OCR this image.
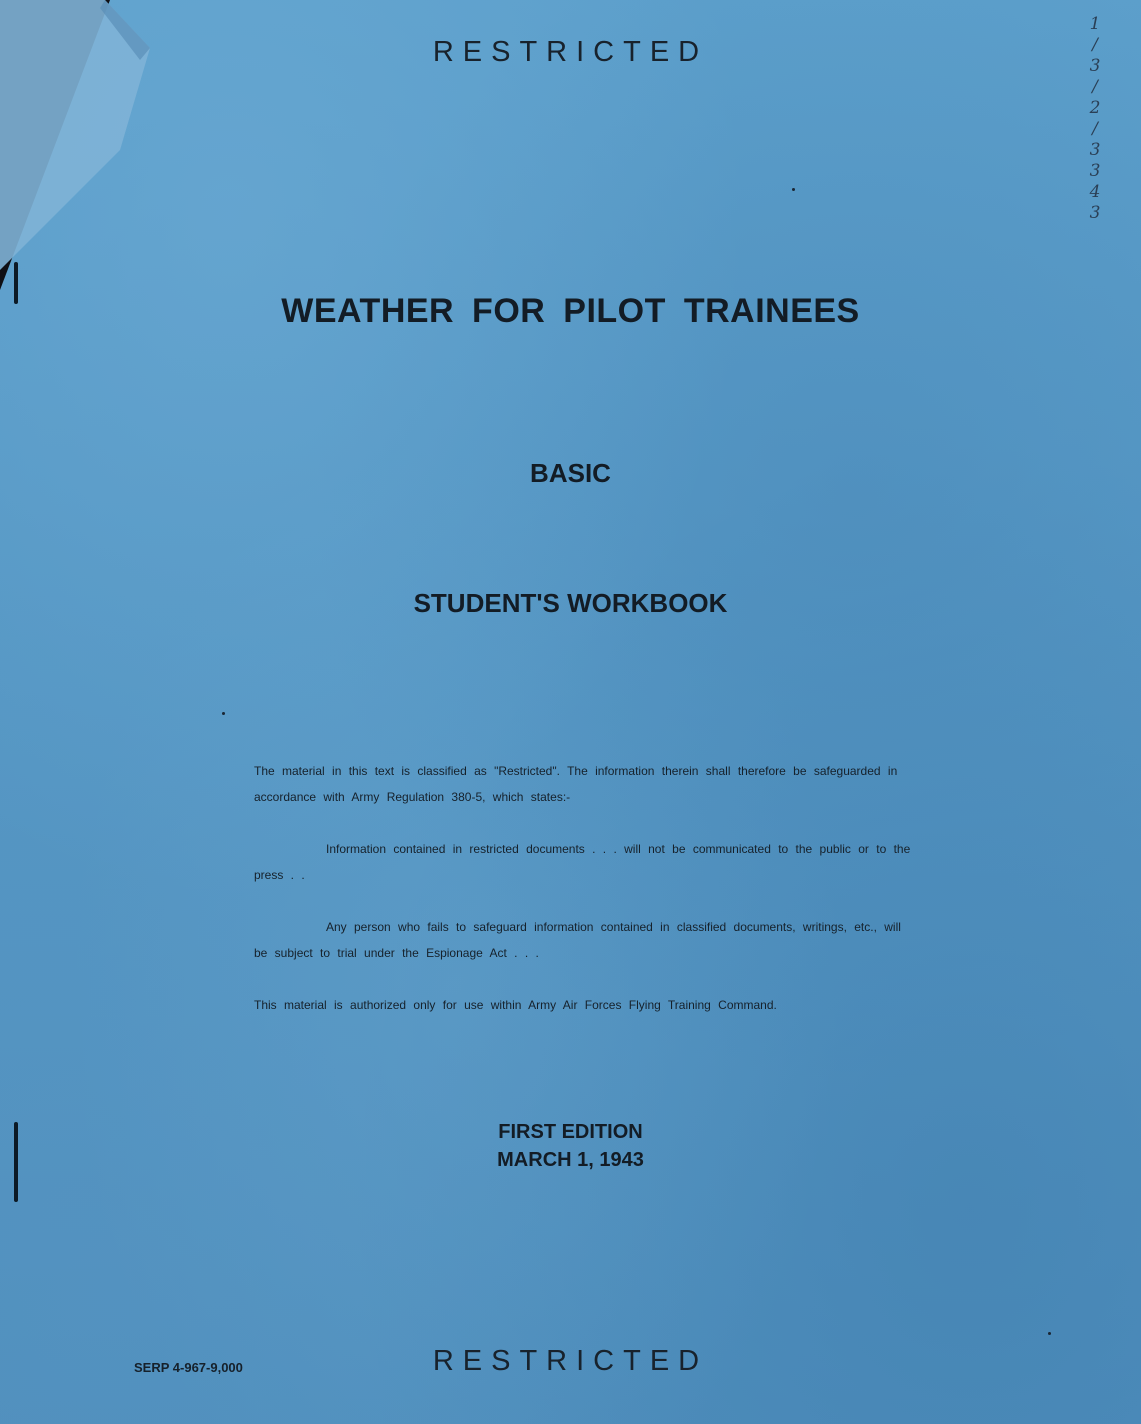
RESTRICTED
1
/
3
/
2
/
3
3
4
3
WEATHER FOR PILOT TRAINEES
BASIC
STUDENT'S WORKBOOK

The material in this text is classified as "Restricted". The information therein shall therefore be safeguarded in accordance with Army Regulation 380-5, which states:-

Information contained in restricted documents . . . will not be communicated to the public or to the press . .

Any person who fails to safeguard information contained in classified documents, writings, etc., will be subject to trial under the Espionage Act . . .

This material is authorized only for use within Army Air Forces Flying Training Command.

FIRST EDITION
MARCH 1, 1943
SERP 4-967-9,000	RESTRICTED
